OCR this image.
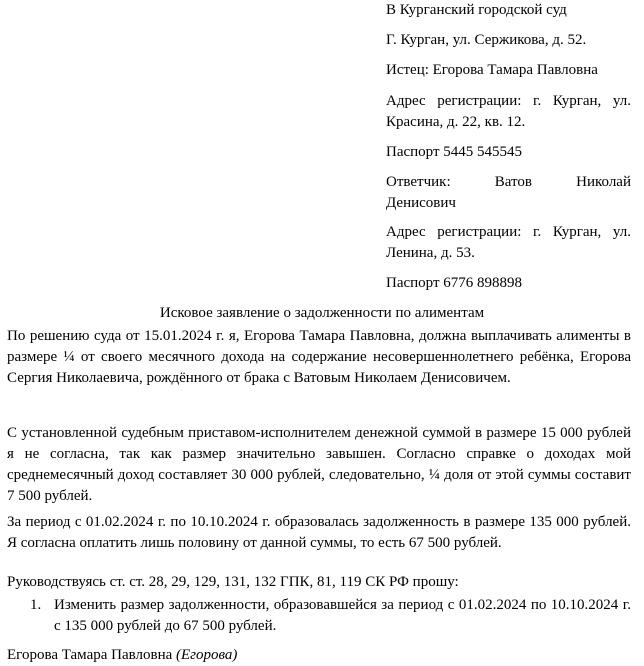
В Курганский городской суд
Г. Курган, ул. Сержикова, д. 52.
Истец: Егорова Тамара Павловна
Адрес регистрации: г. Курган, ул.
Красина, д. 22, кв. 12.
Паспорт 5445 545545
Ответчик:	Ватов	Николай
Денисович
Адрес регистрации: г. Курган, ул.
Ленина, д. 53.
Паспорт 6776 898898

Исковое заявление о задолженности по алиментам

По решению суда от 15.01.2024 г. я, Егорова Тамара Павловна, должна выплачивать алименты в размере ¼ от своего месячного дохода на содержание несовершеннолетнего ребёнка, Егорова Сергия Николаевича, рождённого от брака с Ватовым Николаем Денисовичем.

С установленной судебным приставом-исполнителем денежной суммой в размере 15 000 рублей я не согласна, так как размер значительно завышен. Согласно справке о доходах мой среднемесячный доход составляет 30 000 рублей, следовательно, ¼ доля от этой суммы составит 7 500 рублей.

За период с 01.02.2024 г. по 10.10.2024 г. образовалась задолженность в размере 135 000 рублей. Я согласна оплатить лишь половину от данной суммы, то есть 67 500 рублей.

Руководствуясь ст. ст. 28, 29, 129, 131, 132 ГПК, 81, 119 СК РФ прошу:

1. Изменить размер задолженности, образовавшейся за период с 01.02.2024 по 10.10.2024 г. с 135 000 рублей до 67 500 рублей.

Егорова Тамара Павловна (Егорова)
